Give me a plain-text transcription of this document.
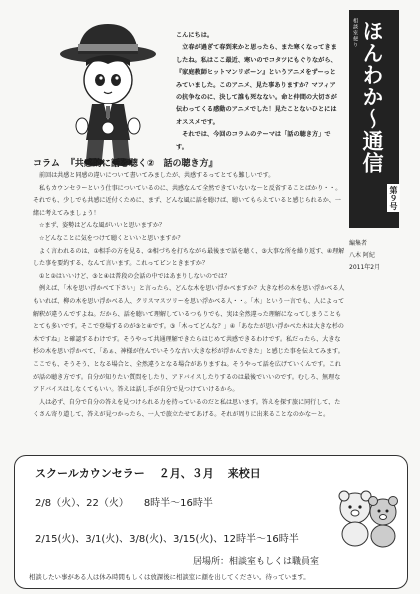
こんにちは。

　立春が過ぎて春到来かと思ったら、また寒くなってきましたね。私はここ最近、寒いのでコタツにもぐりながら、『家庭教師ヒットマンリボーン』というアニメをずーっとみていました。このアニメ、見た事ありますか？マフィアの抗争なのに、決して誰も死なない。命と仲間の大切さが伝わってくる感動のアニメでした！見たことないひとにはオススメです。

　それでは、今回のコラムのテーマは「話の聴き方」です。

相談室便り ほんわか〜通信
第９号
編集者
八木 阿紀
2011年2月
コラム 『共感的に話を聴く②　話の聴き方』

　前回は共感と同感の違いについて書いてみましたが、共感するってとても難しいです。

　私もカウンセラーという仕事についているのに、共感なんて全然できていないな〜と反省することばかり・・。それでも、少しでも共感に近付くために、まず、どんな風に話を聴けば、聴いてもらえていると感じられるか、一緒に考えてみましょう！

　☆まず、姿勢はどんな風がいいと思いますか？

　☆どんなことに気をつけて聴くといいと思いますか？

　よく言われるのは、①相手の方を見る、②相づちを打ちながら最後まで話を聴く、③大事な所を繰り返す、④理解した事を要約する、なんて言います。これってピンときますか？

　①と②はいいけど、③と④は普段の会話の中ではあまりしないのでは？

　例えば、「木を思い浮かべて下さい」と言ったら、どんな木を思い浮かべますか？大きな杉の木を思い浮かべる人もいれば、柳の木を思い浮かべる人、クリスマスツリーを思い浮かべる人・・。「木」という一言でも、人によって解釈が違うんですよね。だから、話を聴いて理解しているつもりでも、実は全然違った理解になってしまうこともとても多いです。そこで登場するのが③と④です。③「木ってどんな？」④「あなたが思い浮かべた木は大きな杉の木ですね」と確認するわけです。そうやって共通理解できたらはじめて共感できるわけです。私だったら、大きな杉の木を思い浮かべて、「あぁ、神様が住んでいそうな古い大きな杉が浮かんできた」と感じた事を伝えてみます。ここでも、そうそう、となる場合と、全然違うとなる場合がありますね。そうやって話を広げていくんです。これが話の聴き方です。自分が知りたい質問をしたり、アドバイスしたりするのは最後でいいのです。むしろ、無理なアドバイスはしなくてもいい。答えは話し手が自分で見つけていけるから。

　人は必ず、自分で自分の答えを見つけられる力を持っているのだと私は思います。答えを探す旅に同行して、たくさん寄り道して、答えが見つかったら、一人で旅立たせてあげる。それが周りに出来ることなのかな〜と。

スクールカウンセラー ２月、３月 来校日
2/8（火）、22（火）　　8時半〜16時半
2/15(火)、3/1(火)、3/8(火)、3/15(火)、12時半〜16時半
居場所：相談室もしくは職員室
相談したい事がある人は休み時間もしくは放課後に相談室に顔を出してください。待っています。
